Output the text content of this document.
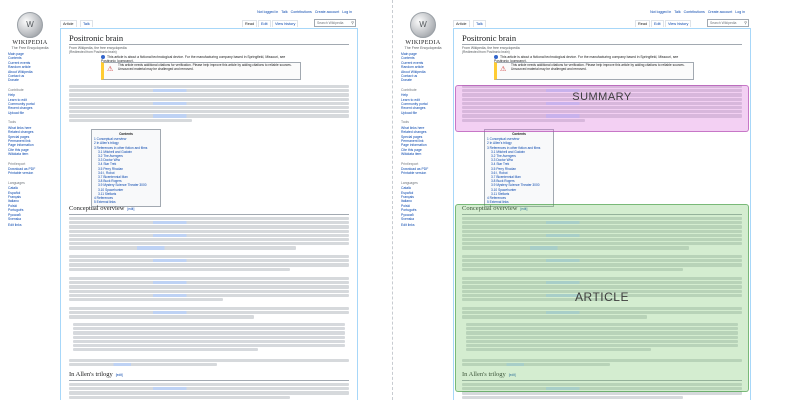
W
WIKIPEDIA
The Free Encyclopedia
Main page
Contents
Current events
Random article
About Wikipedia
Contact us
Donate
Contribute
Help
Learn to edit
Community portal
Recent changes
Upload file
Tools
What links here
Related changes
Special pages
Permanent link
Page information
Cite this page
Wikidata item
Print/export
Download as PDF
Printable version
Languages
Català
Español
Français
Italiano
Polski
Português
Русский
Svenska
Edit links
Not logged in Talk Contributions Create account Log in
Article	Talk	Read	Edit	View history	Search Wikipedia ⚲
Positronic brain
From Wikipedia, the free encyclopedia
(Redirected from Positronic brain)
This article is about a fictional technological device. For the manufacturing company based in Springfield, Missouri, see
⚠
This article needs additional citations for verification. Please help improve this article by adding citations to reliable sources. Unsourced material may be challenged and removed.
Contents
1 Conceptual overview
2 In Allen's trilogy
3 References in other fiction and films
3.1 Mitchell and Godwin
3.2 The Avengers
3.3 Doctor Who
3.4 Star Trek
3.5 Perry Rhodan
3.6 I, Robot
3.7 Bicentennial Man
3.8 Buck Rogers
3.9 Mystery Science Theater 3000
3.10 Spacehunter
3.11 Stellaris
4 References
5 External links
Conceptual overview [edit]
In Allen's trilogy [edit]
W
WIKIPEDIA
The Free Encyclopedia
Main page
Contents
Current events
Random article
About Wikipedia
Contact us
Donate
Contribute
Help
Learn to edit
Community portal
Recent changes
Upload file
Tools
What links here
Related changes
Special pages
Permanent link
Page information
Cite this page
Wikidata item
Print/export
Download as PDF
Printable version
Languages
Català
Español
Français
Italiano
Polski
Português
Русский
Svenska
Edit links
Not logged in Talk Contributions Create account Log in
Article	Talk	Read	Edit	View history	Search Wikipedia ⚲
Positronic brain
From Wikipedia, the free encyclopedia
(Redirected from Positronic brain)
This article is about a fictional technological device. For the manufacturing company based in Springfield, Missouri, see
⚠
This article needs additional citations for verification. Please help improve this article by adding citations to reliable sources. Unsourced material may be challenged and removed.
Contents
1 Conceptual overview
2 In Allen's trilogy
3 References in other fiction and films
3.1 Mitchell and Godwin
3.2 The Avengers
3.3 Doctor Who
3.4 Star Trek
3.5 Perry Rhodan
3.6 I, Robot
3.7 Bicentennial Man
3.8 Buck Rogers
3.9 Mystery Science Theater 3000
3.10 Spacehunter
3.11 Stellaris
4 References
5 External links
Conceptual overview [edit]
In Allen's trilogy [edit]
SUMMARY
ARTICLE
